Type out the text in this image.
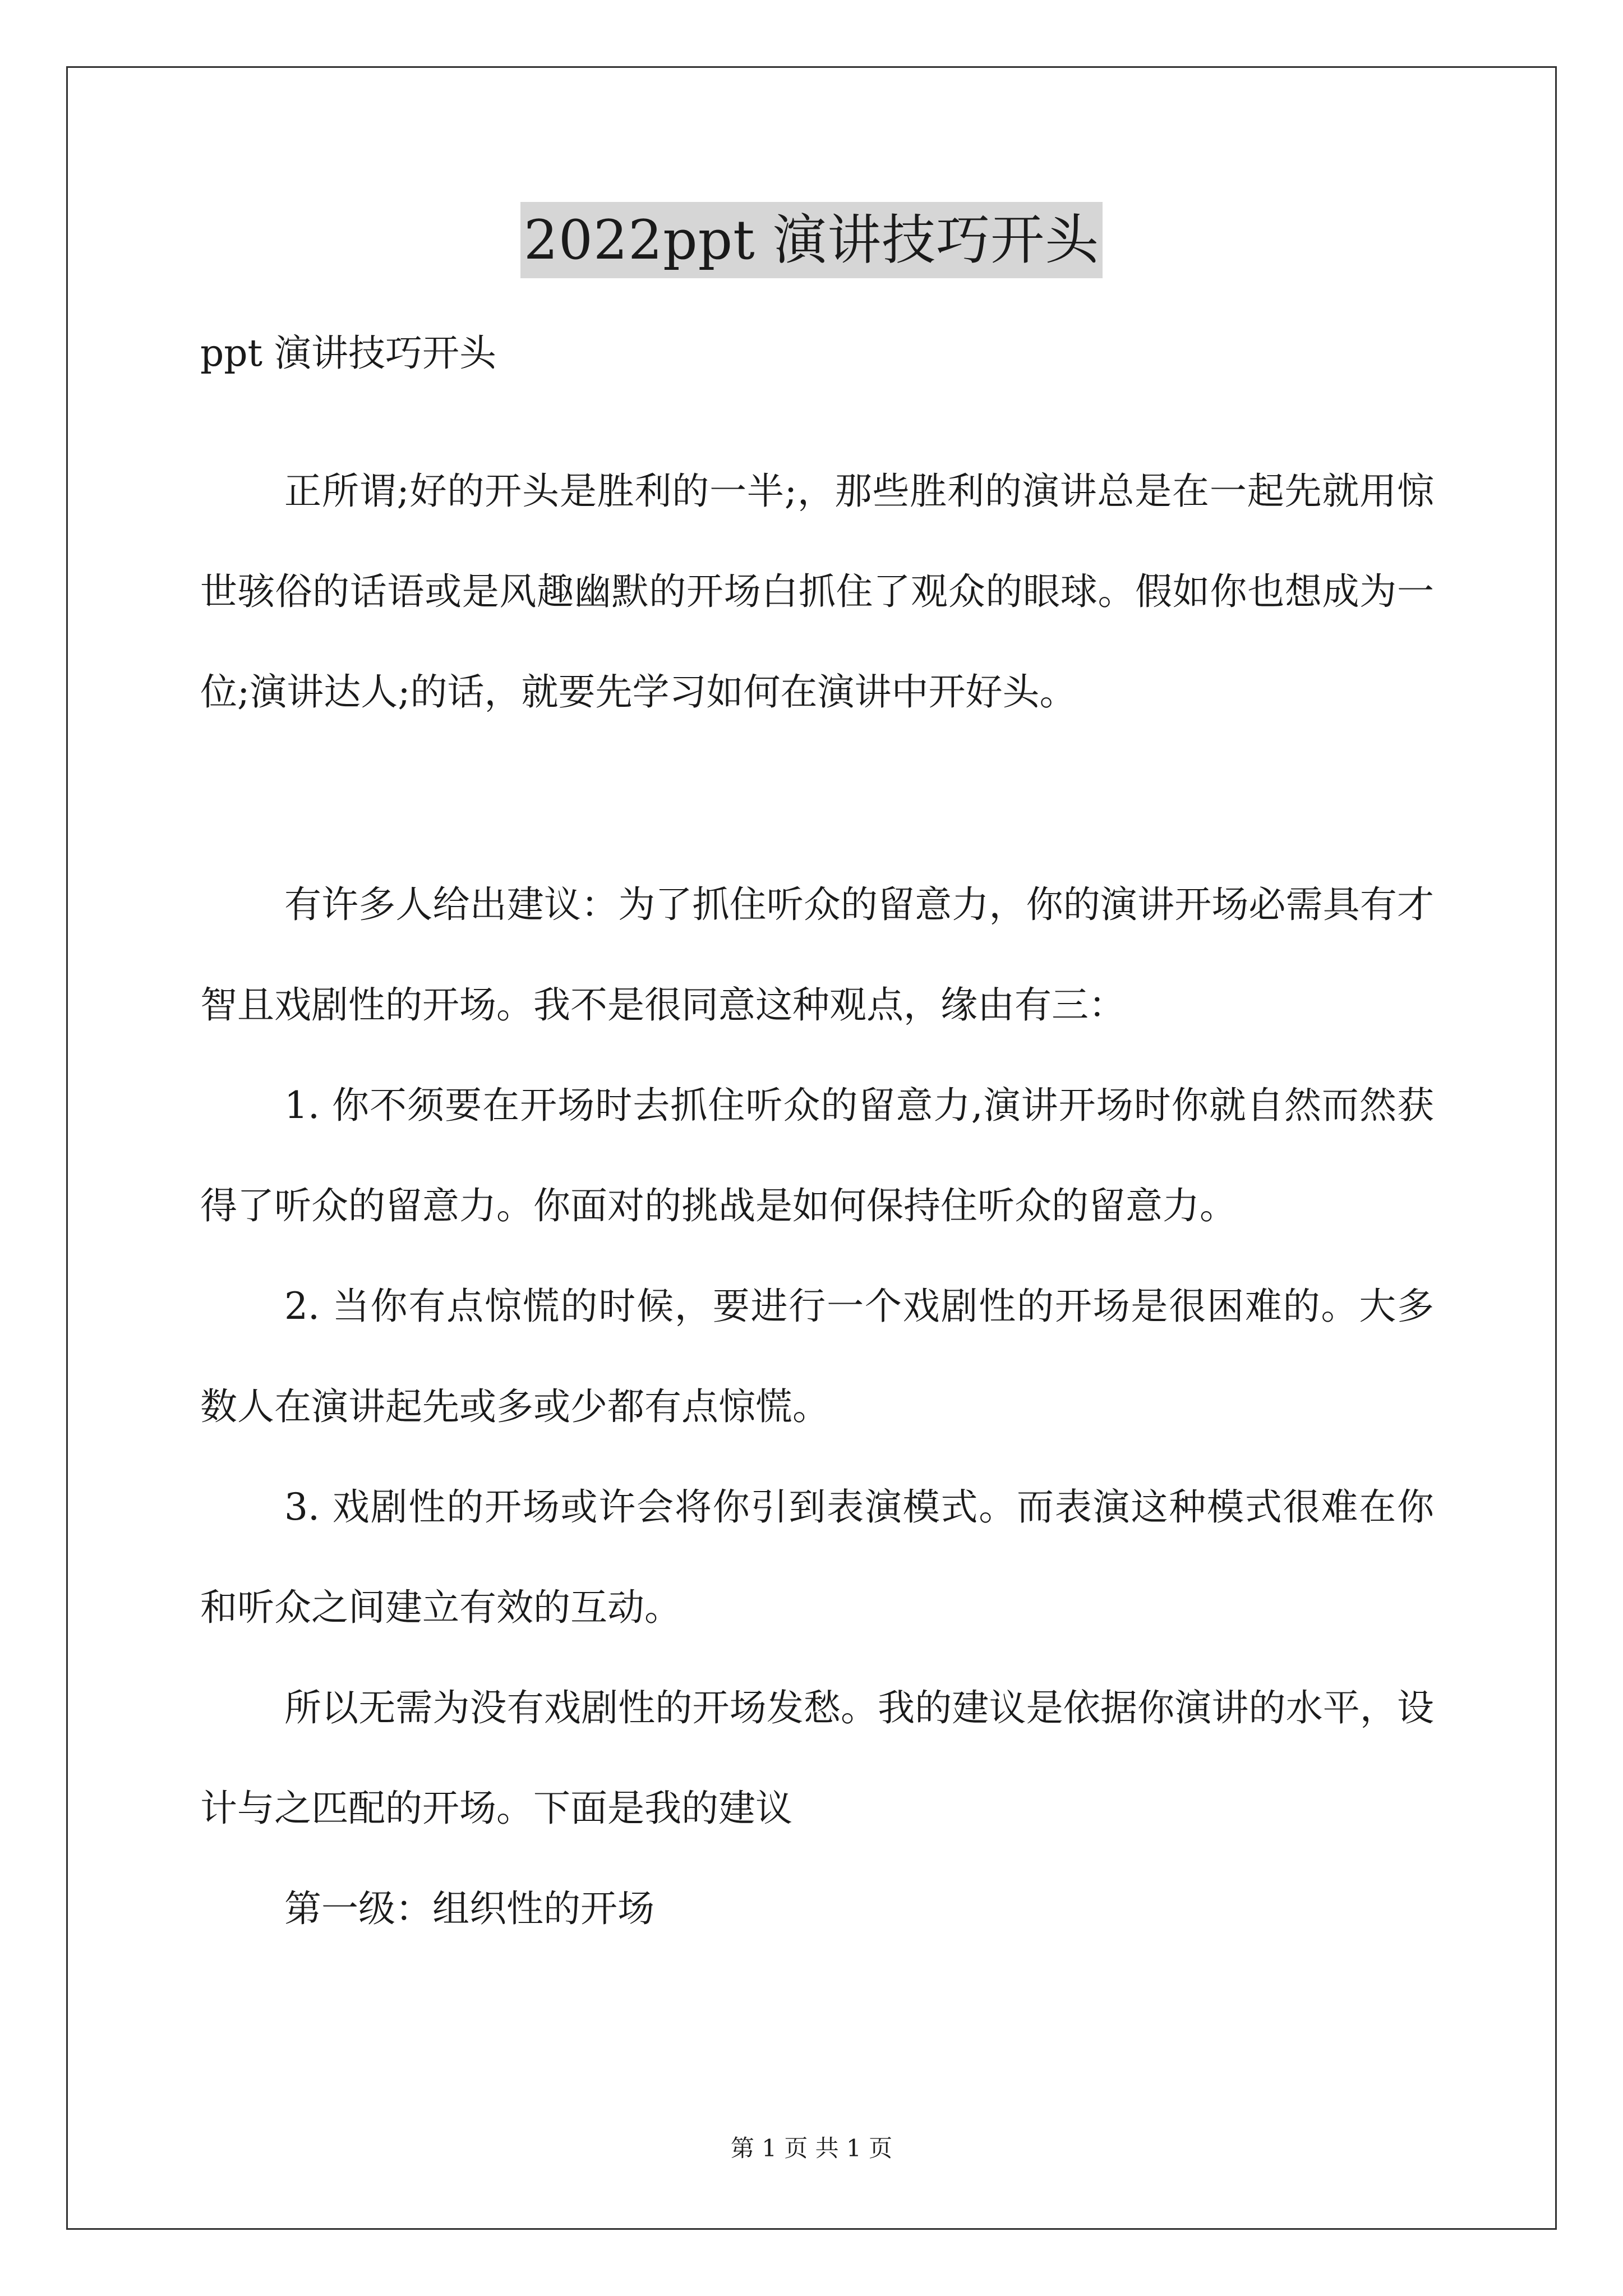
2022ppt 演讲技巧开头
ppt 演讲技巧开头

正所谓;好的开头是胜利的一半;，那些胜利的演讲总是在一起先就用惊世骇俗的话语或是风趣幽默的开场白抓住了观众的眼球。假如你也想成为一位;演讲达人;的话，就要先学习如何在演讲中开好头。

有许多人给出建议：为了抓住听众的留意力，你的演讲开场必需具有才智且戏剧性的开场。我不是很同意这种观点，缘由有三：

1. 你不须要在开场时去抓住听众的留意力,演讲开场时你就自然而然获得了听众的留意力。你面对的挑战是如何保持住听众的留意力。

2. 当你有点惊慌的时候，要进行一个戏剧性的开场是很困难的。大多数人在演讲起先或多或少都有点惊慌。

3. 戏剧性的开场或许会将你引到表演模式。而表演这种模式很难在你和听众之间建立有效的互动。

所以无需为没有戏剧性的开场发愁。我的建议是依据你演讲的水平，设计与之匹配的开场。下面是我的建议

第一级：组织性的开场

第 1 页 共 1 页
